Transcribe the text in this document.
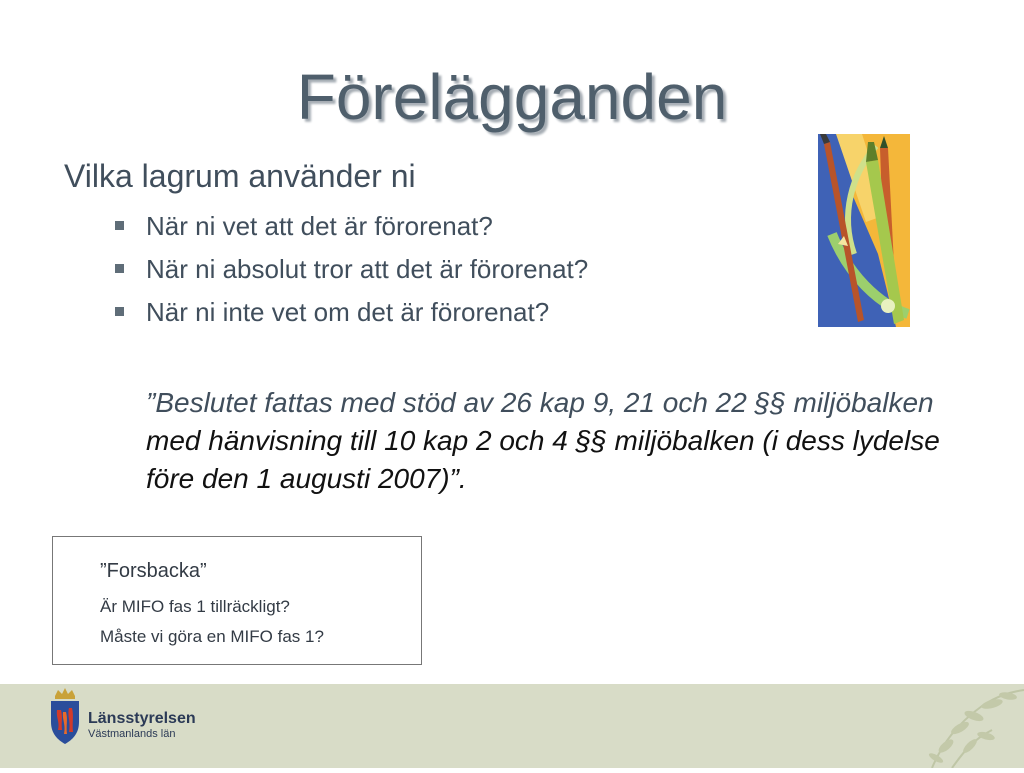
Förelägganden
Vilka lagrum använder ni
När ni vet att det är förorenat?
När ni absolut tror att det är förorenat?
När ni inte vet om det är förorenat?
”Beslutet fattas med stöd av 26 kap 9, 21 och 22 §§ miljöbalken med hänvisning till 10 kap 2 och 4 §§ miljöbalken (i dess lydelse före den 1 augusti 2007)”.
”Forsbacka”
Är MIFO fas 1 tillräckligt?
Måste vi göra en MIFO fas 1?
Länsstyrelsen
Västmanlands län
